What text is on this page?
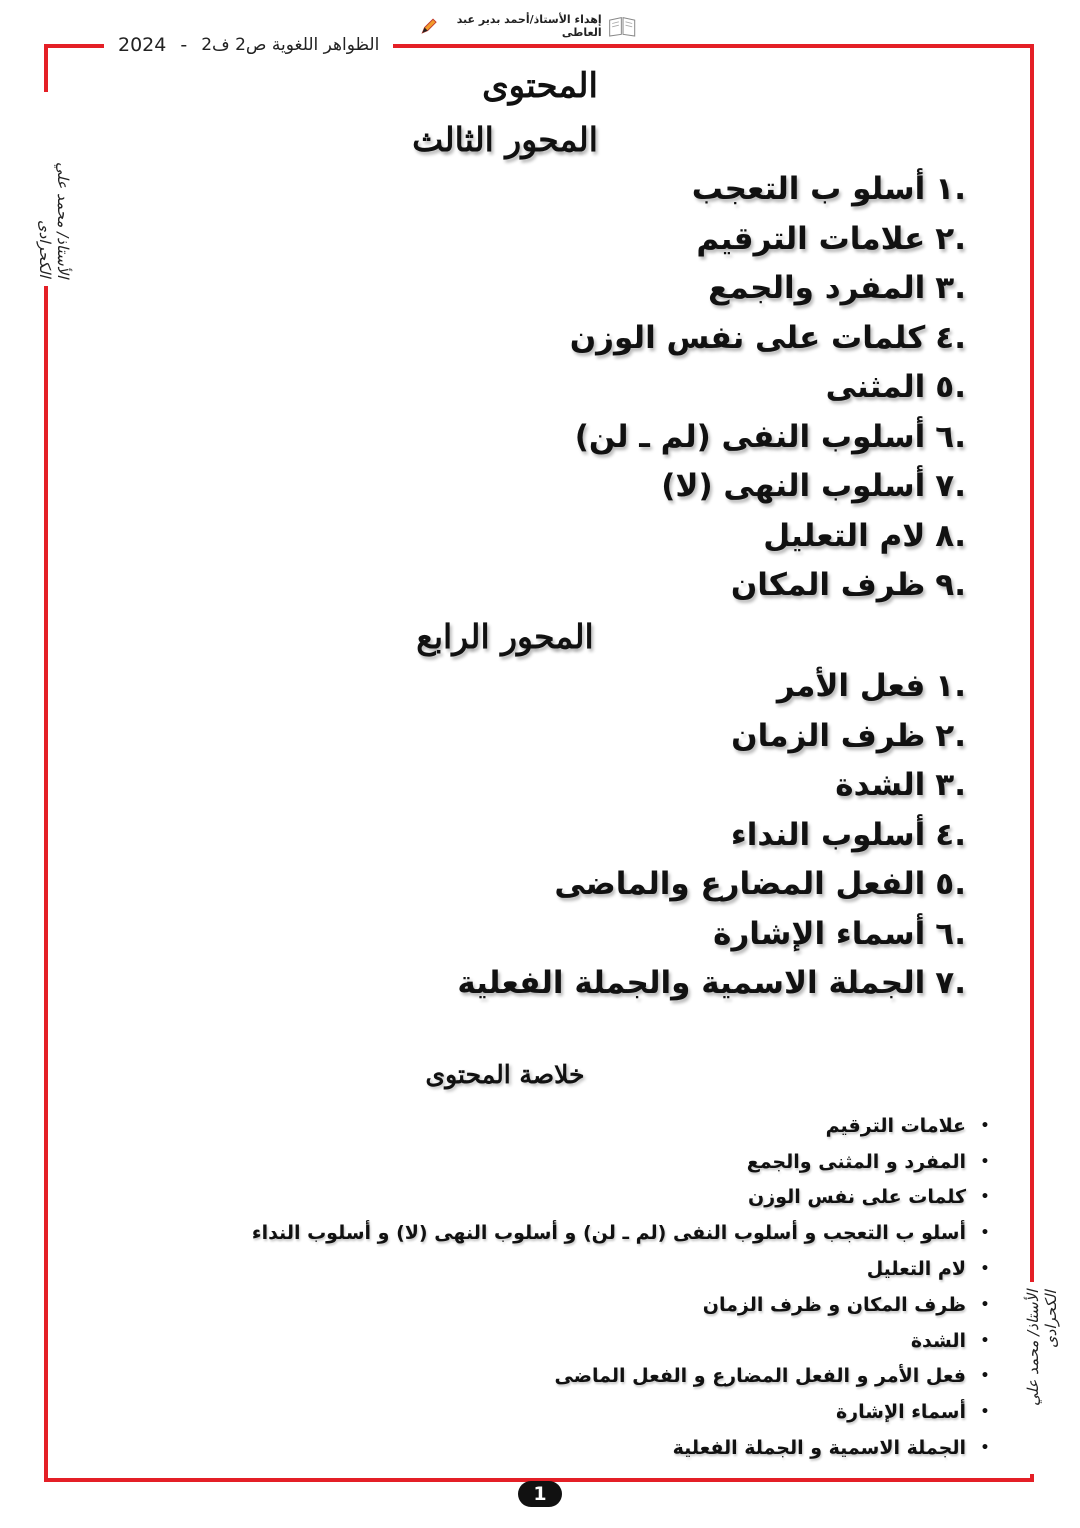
2024 - الظواهر اللغوية ص2 ف2
إهداء الأستاذ/أحمد بدير عبد العاطى
الأستاذ/ محمد علي الكحرادى
الأستاذ/ محمد علي الكحرادى
المحتوى
المحور الثالث
.١
أسلو ب التعجب
.٢
علامات الترقيم
.٣
المفرد والجمع
.٤
كلمات على نفس الوزن
.٥
المثنى
.٦
أسلوب النفى (لم ـ لن)
.٧
أسلوب النهى (لا)
.٨
لام التعليل
.٩
ظرف المكان
المحور الرابع
.١
فعل الأمر
.٢
ظرف الزمان
.٣
الشدة
.٤
أسلوب النداء
.٥
الفعل المضارع والماضى
.٦
أسماء الإشارة
.٧
الجملة الاسمية والجملة الفعلية
خلاصة المحتوى
•
علامات الترقيم
•
المفرد و المثنى والجمع
•
كلمات على نفس الوزن
•
أسلو ب التعجب و أسلوب النفى (لم ـ لن) و أسلوب النهى (لا) و أسلوب النداء
•
لام التعليل
•
ظرف المكان و ظرف الزمان
•
الشدة
•
فعل الأمر و الفعل المضارع و الفعل الماضى
•
أسماء الإشارة
•
الجملة الاسمية و الجملة الفعلية
1
